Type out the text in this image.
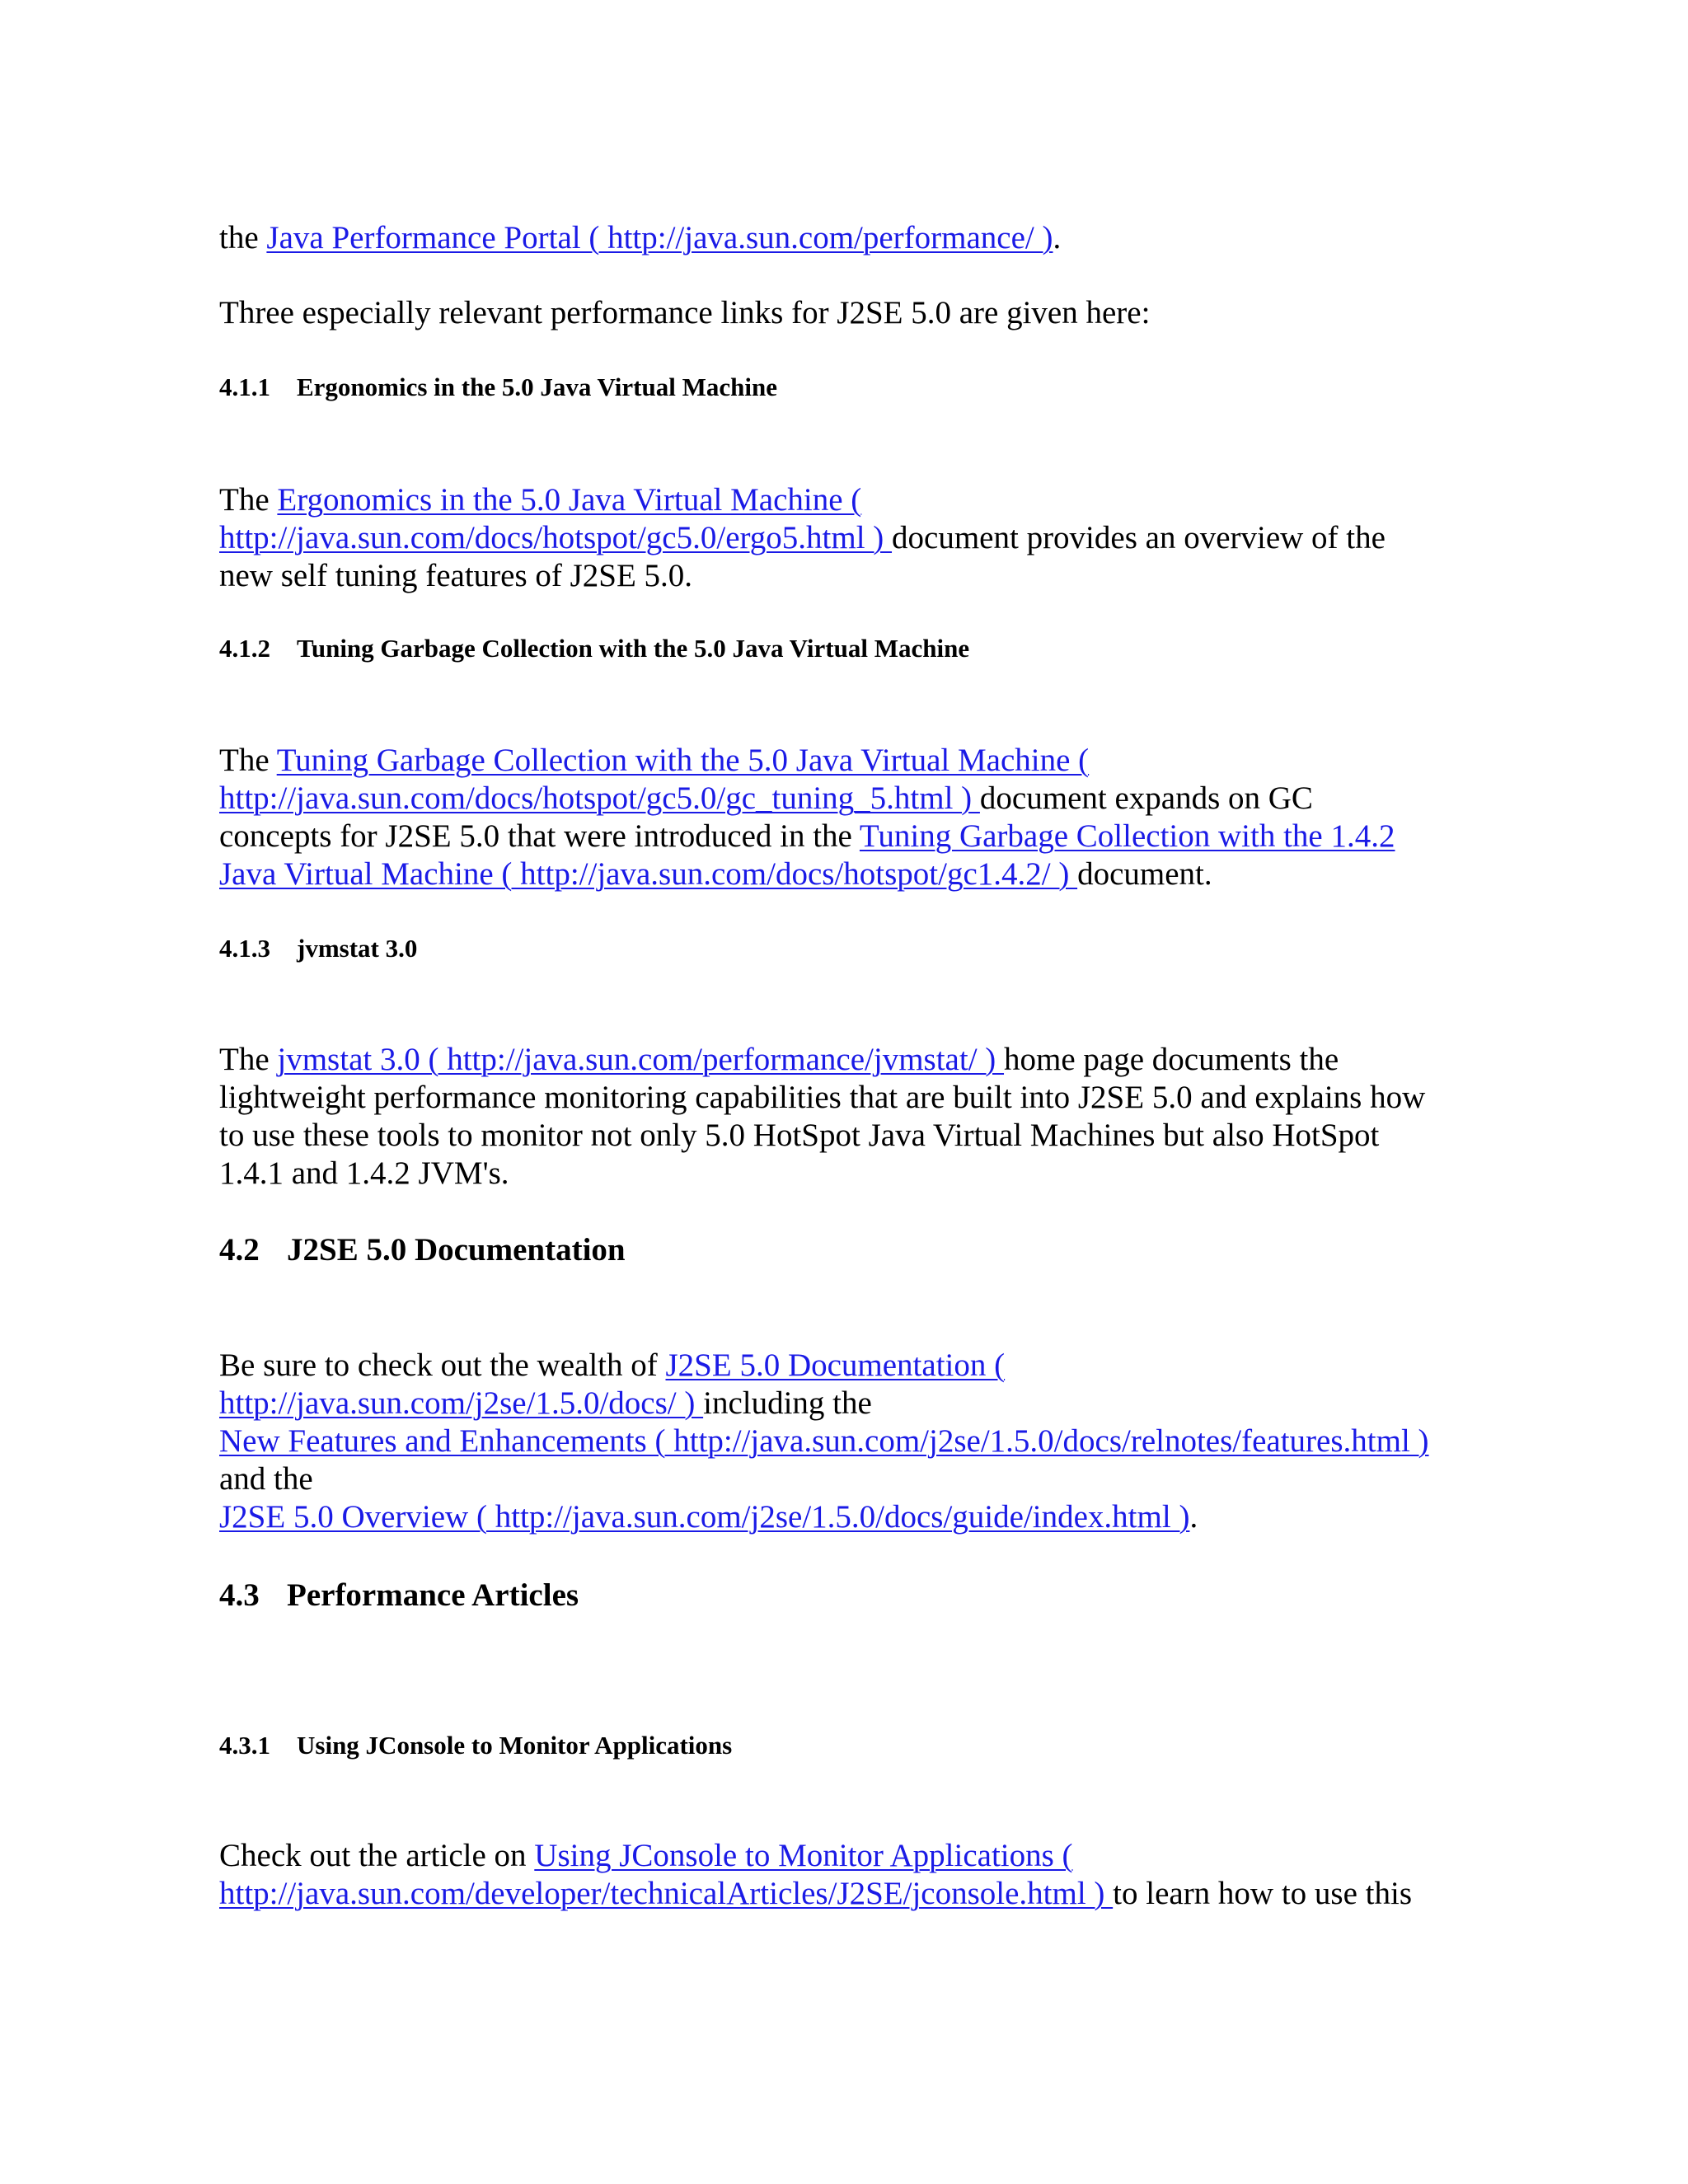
the Java Performance Portal ( http://java.sun.com/performance/ ).
Three especially relevant performance links for J2SE 5.0 are given here:
4.1.1 Ergonomics in the 5.0 Java Virtual Machine
The Ergonomics in the 5.0 Java Virtual Machine (
http://java.sun.com/docs/hotspot/gc5.0/ergo5.html ) document provides an overview of the
new self tuning features of J2SE 5.0.
4.1.2 Tuning Garbage Collection with the 5.0 Java Virtual Machine
The Tuning Garbage Collection with the 5.0 Java Virtual Machine (
http://java.sun.com/docs/hotspot/gc5.0/gc_tuning_5.html ) document expands on GC
concepts for J2SE 5.0 that were introduced in the Tuning Garbage Collection with the 1.4.2
Java Virtual Machine ( http://java.sun.com/docs/hotspot/gc1.4.2/ ) document.
4.1.3 jvmstat 3.0
The jvmstat 3.0 ( http://java.sun.com/performance/jvmstat/ ) home page documents the
lightweight performance monitoring capabilities that are built into J2SE 5.0 and explains how
to use these tools to monitor not only 5.0 HotSpot Java Virtual Machines but also HotSpot
1.4.1 and 1.4.2 JVM's.
4.2 J2SE 5.0 Documentation
Be sure to check out the wealth of J2SE 5.0 Documentation (
http://java.sun.com/j2se/1.5.0/docs/ ) including the
New Features and Enhancements ( http://java.sun.com/j2se/1.5.0/docs/relnotes/features.html )
and the
J2SE 5.0 Overview ( http://java.sun.com/j2se/1.5.0/docs/guide/index.html ).
4.3 Performance Articles
4.3.1 Using JConsole to Monitor Applications
Check out the article on Using JConsole to Monitor Applications (
http://java.sun.com/developer/technicalArticles/J2SE/jconsole.html ) to learn how to use this
